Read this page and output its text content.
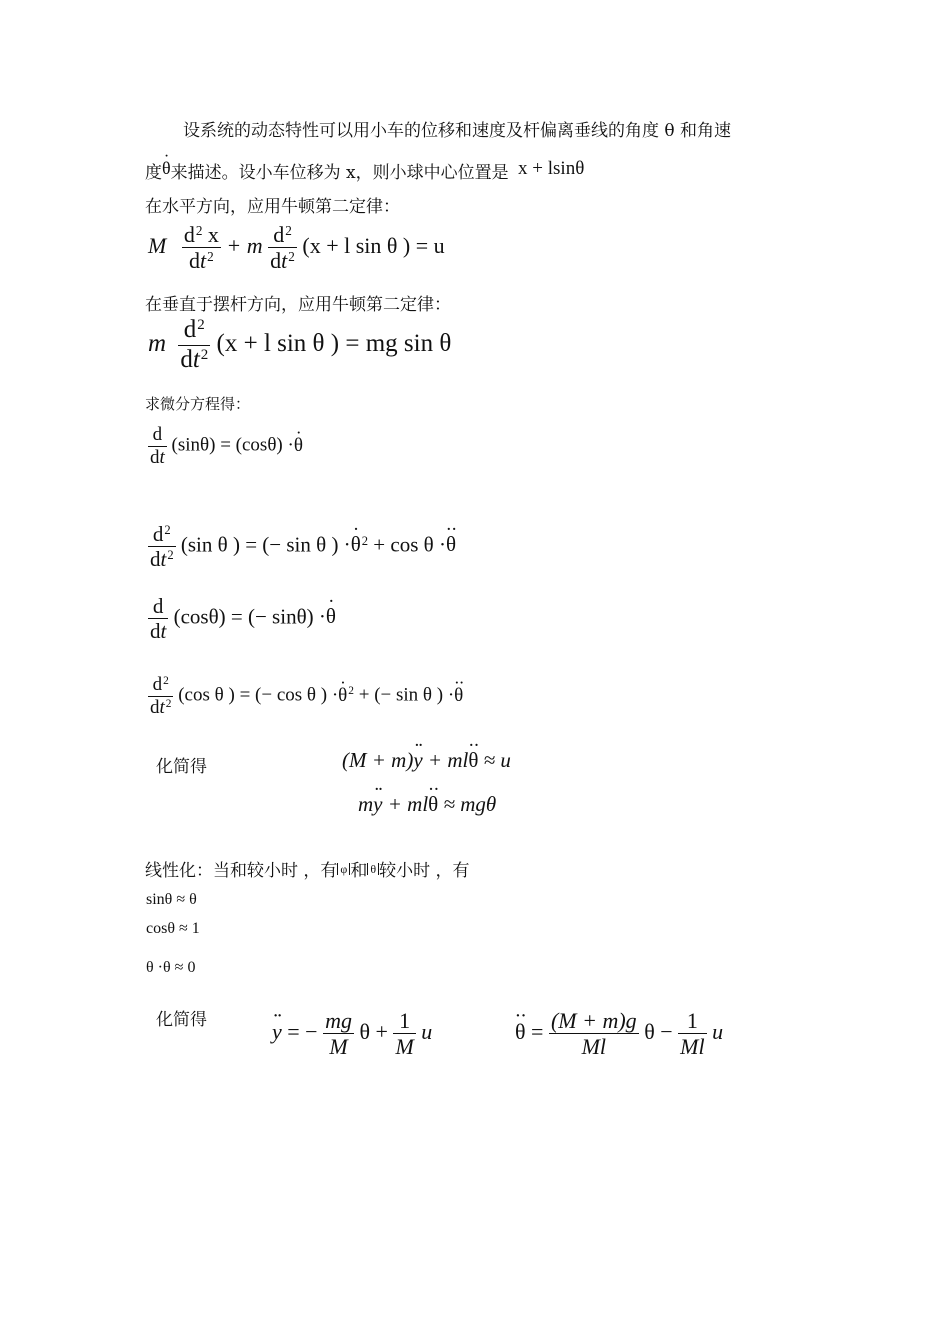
设系统的动态特性可以用小车的位移和速度及杆偏离垂线的角度 θ 和角速
度θ ·来描述。设小车位移为 x，则小球中心位置是 x + lsinθ
在水平方向，应用牛顿第二定律：
M $\frac{d^2 x}{dt^2} + m \frac{d^2}{dt^2} (x + l$ sin θ ) = u
在垂直于摆杆方向，应用牛顿第二定律：
m $\frac{d^2}{dt^2} (x + l$ sin θ ) = mg sin θ
求微分方程得：
$\frac{d}{dt} (\sin\theta) = (\cos\theta) \cdot\theta$ ·
$\frac{d^2}{dt^2} (\sin$ θ ) = (− sin θ ) ·θ ·$^2$ + cos θ ·θ ··
$\frac{d}{dt} (\cos\theta)$ = (− sinθ) ·θ ·
$\frac{d^2}{dt^2} (\cos$ θ ) = (− cos θ ) ·θ ·$^2$ + (− sin θ ) ·θ ··
化简得	(M + m)y ·· + mlθ ·· ≈ u
my ·· + mlθ ·· ≈ mgθ
线性化：当和较小时 ，有 φ 和 θ 较小时 ，有
sinθ ≈ θ
cosθ ≈ 1
θ ·θ ≈ 0
化简得	y ·· = − $\frac{mg}{M}$ $\theta + \frac{1}{M}$ u	θ ·· = $\frac{(M + m)g}{Ml}$ $\theta - \frac{1}{Ml}$ u
